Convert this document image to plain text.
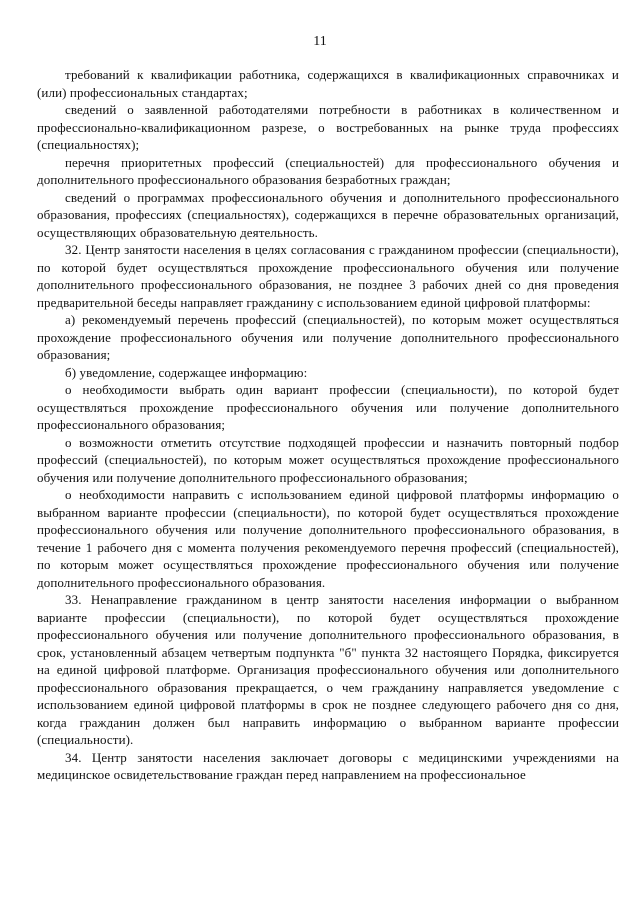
11

требований к квалификации работника, содержащихся в квалификационных справочниках и (или) профессиональных стандартах;

сведений о заявленной работодателями потребности в работниках в количественном и профессионально-квалификационном разрезе, о востребованных на рынке труда профессиях (специальностях);

перечня приоритетных профессий (специальностей) для профессионального обучения и дополнительного профессионального образования безработных граждан;

сведений о программах профессионального обучения и дополнительного профессионального образования, профессиях (специальностях), содержащихся в перечне образовательных организаций, осуществляющих образовательную деятельность.

32. Центр занятости населения в целях согласования с гражданином профессии (специальности), по которой будет осуществляться прохождение профессионального обучения или получение дополнительного профессионального образования, не позднее 3 рабочих дней со дня проведения предварительной беседы направляет гражданину с использованием единой цифровой платформы:

а) рекомендуемый перечень профессий (специальностей), по которым может осуществляться прохождение профессионального обучения или получение дополнительного профессионального образования;

б) уведомление, содержащее информацию:

о необходимости выбрать один вариант профессии (специальности), по которой будет осуществляться прохождение профессионального обучения или получение дополнительного профессионального образования;

о возможности отметить отсутствие подходящей профессии и назначить повторный подбор профессий (специальностей), по которым может осуществляться прохождение профессионального обучения или получение дополнительного профессионального образования;

о необходимости направить с использованием единой цифровой платформы информацию о выбранном варианте профессии (специальности), по которой будет осуществляться прохождение профессионального обучения или получение дополнительного профессионального образования, в течение 1 рабочего дня с момента получения рекомендуемого перечня профессий (специальностей), по которым может осуществляться прохождение профессионального обучения или получение дополнительного профессионального образования.

33. Ненаправление гражданином в центр занятости населения информации о выбранном варианте профессии (специальности), по которой будет осуществляться прохождение профессионального обучения или получение дополнительного профессионального образования, в срок, установленный абзацем четвертым подпункта "б" пункта 32 настоящего Порядка, фиксируется на единой цифровой платформе. Организация профессионального обучения или дополнительного профессионального образования прекращается, о чем гражданину направляется уведомление с использованием единой цифровой платформы в срок не позднее следующего рабочего дня со дня, когда гражданин должен был направить информацию о выбранном варианте профессии (специальности).

34. Центр занятости населения заключает договоры с медицинскими учреждениями на медицинское освидетельствование граждан перед направлением на профессиональное
